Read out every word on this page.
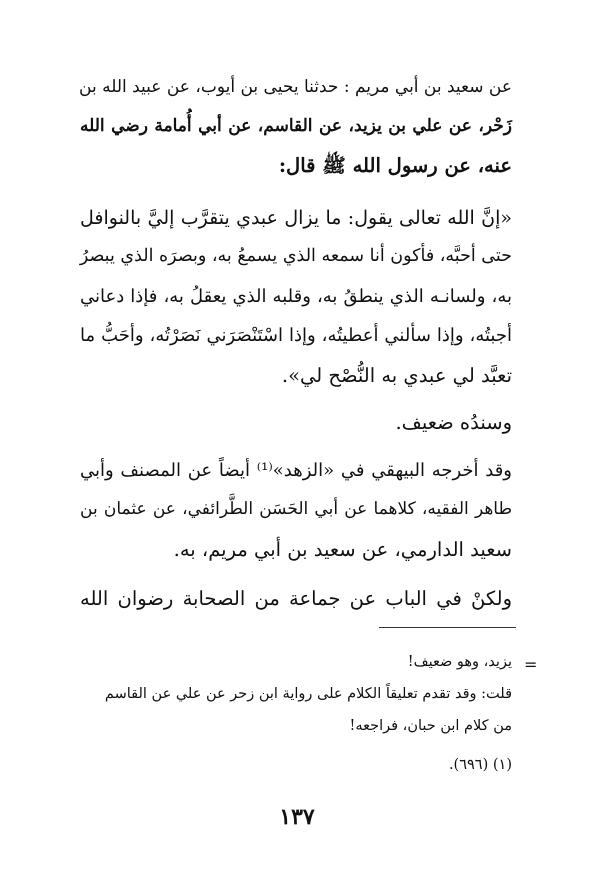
عن سعيد بن أبي مريم : حدثنا يحيى بن أيوب، عن عبيد الله بن
زَحْر، عن علي بن يزيد، عن القاسم، عن أبي أُمامة رضي الله
عنه، عن رسول الله ﷺ قال:
«إنَّ الله تعالى يقول: ما يزال عبدي يتقرَّب إليَّ بالنوافل
حتى أحبَّه، فأكون أنا سمعه الذي يسمعُ به، وبصرَه الذي يبصرُ
به، ولسانـه الذي ينطقُ به، وقلبه الذي يعقلُ به، فإذا دعاني
أجبتُه، وإذا سألني أعطيتُه، وإذا اسْتَنْصَرَني نَصَرْتُه، وأحَبُّ ما
تعبَّد لي عبدي به النُّصْح لي».
وسندُه ضعيف.
وقد أخرجه البيهقي في «الزهد»⁽¹⁾ أيضاً عن المصنف وأبي
طاهر الفقيه، كلاهما عن أبي الحَسَن الطَّرائفي، عن عثمان بن
سعيد الدارمي، عن سعيد بن أبي مريم، به.
ولكنْ في الباب عن جماعة من الصحابة رضوان الله
=
يزيد، وهو ضعيف!
قلت: وقد تقدم تعليقاً الكلام على رواية ابن زحر عن علي عن القاسم
من كلام ابن حبان، فراجعه!
(١) (٦٩٦).
١٣٧
